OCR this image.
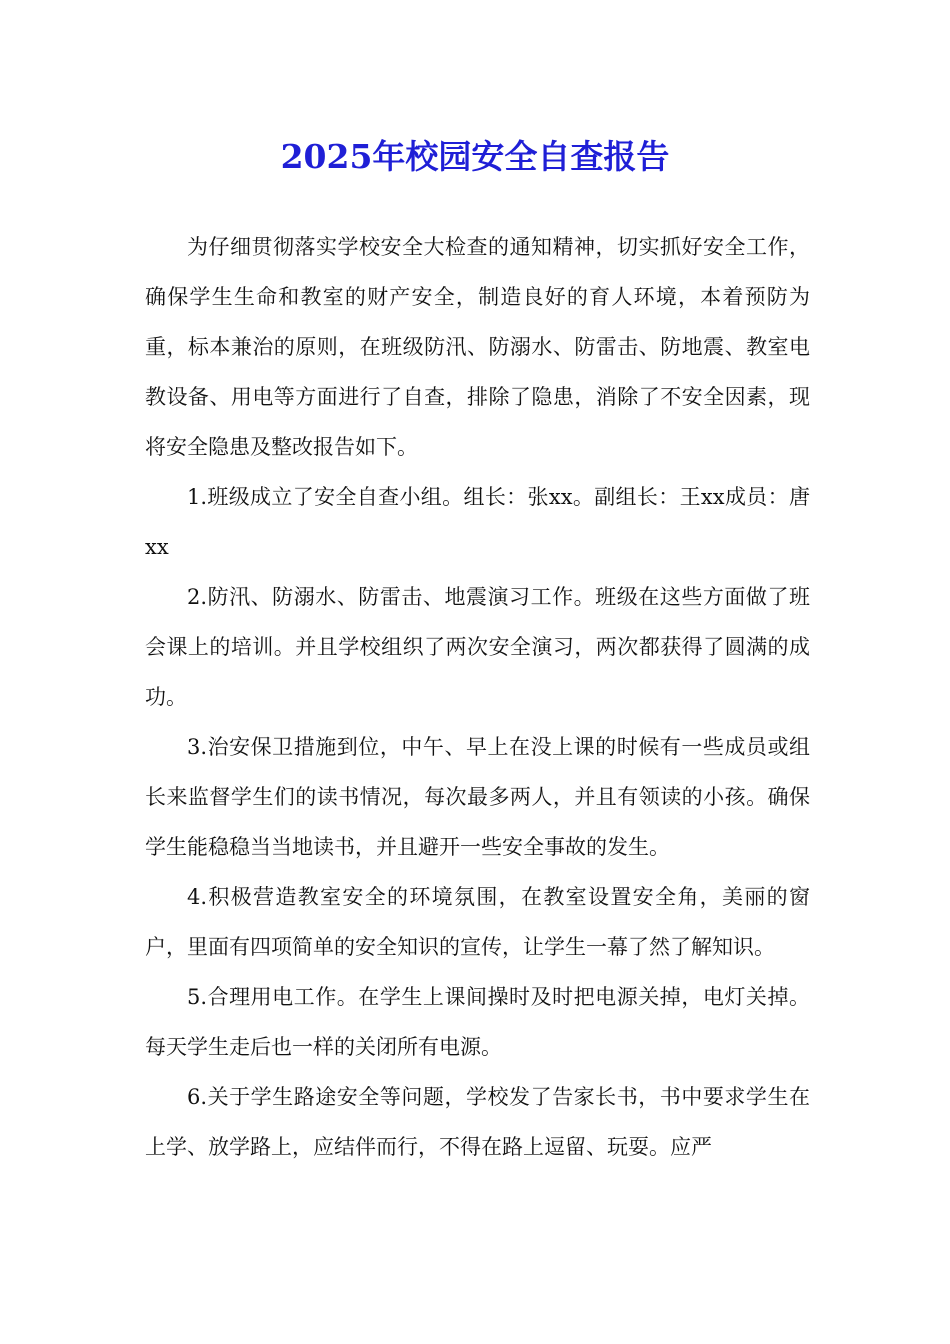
2025年校园安全自查报告

为仔细贯彻落实学校安全大检查的通知精神，切实抓好安全工作，确保学生生命和教室的财产安全，制造良好的育人环境，本着预防为重，标本兼治的原则，在班级防汛、防溺水、防雷击、防地震、教室电教设备、用电等方面进行了自查，排除了隐患，消除了不安全因素，现将安全隐患及整改报告如下。

1.班级成立了安全自查小组。组长：张xx。副组长：王xx成员：唐xx

2.防汛、防溺水、防雷击、地震演习工作。班级在这些方面做了班会课上的培训。并且学校组织了两次安全演习，两次都获得了圆满的成功。

3.治安保卫措施到位，中午、早上在没上课的时候有一些成员或组长来监督学生们的读书情况，每次最多两人，并且有领读的小孩。确保学生能稳稳当当地读书，并且避开一些安全事故的发生。

4.积极营造教室安全的环境氛围，在教室设置安全角，美丽的窗户，里面有四项简单的安全知识的宣传，让学生一幕了然了解知识。

5.合理用电工作。在学生上课间操时及时把电源关掉，电灯关掉。每天学生走后也一样的关闭所有电源。

6.关于学生路途安全等问题，学校发了告家长书，书中要求学生在上学、放学路上，应结伴而行，不得在路上逗留、玩耍。应严
